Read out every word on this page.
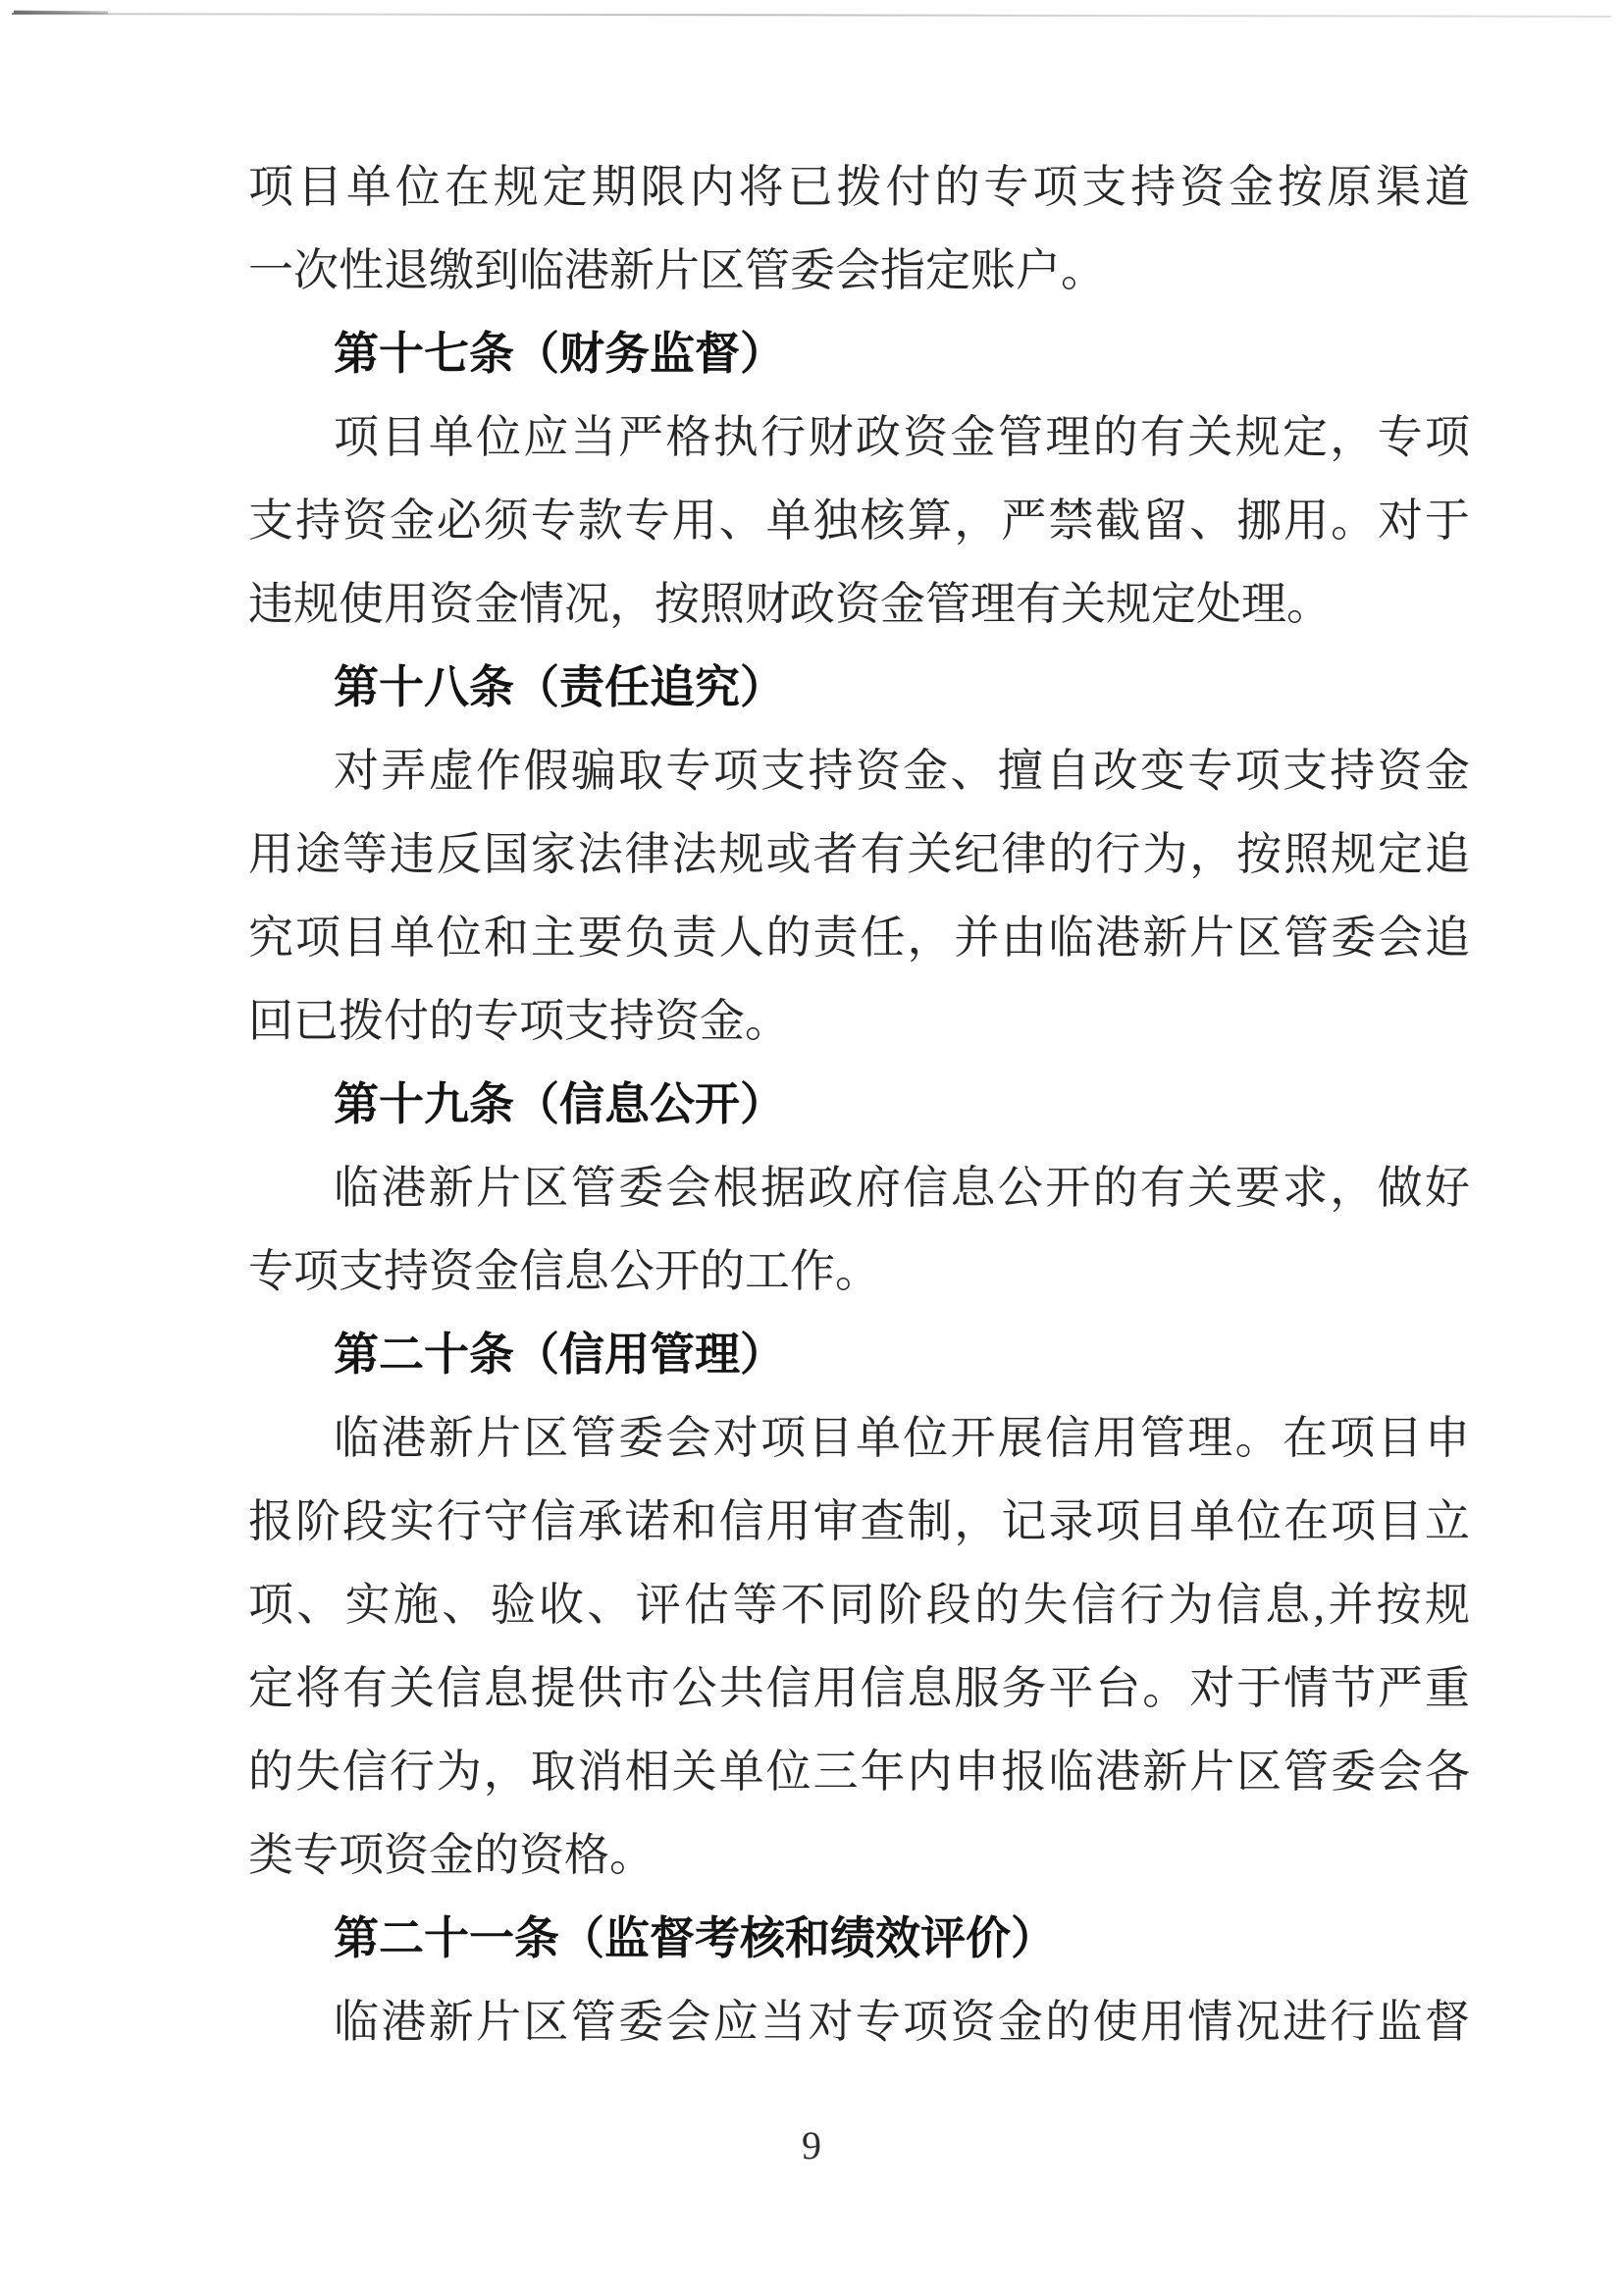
项目单位在规定期限内将已拨付的专项支持资金按原渠道
一次性退缴到临港新片区管委会指定账户。
第十七条（财务监督）
项目单位应当严格执行财政资金管理的有关规定，专项
支持资金必须专款专用、单独核算，严禁截留、挪用。对于
违规使用资金情况，按照财政资金管理有关规定处理。
第十八条（责任追究）
对弄虚作假骗取专项支持资金、擅自改变专项支持资金
用途等违反国家法律法规或者有关纪律的行为，按照规定追
究项目单位和主要负责人的责任，并由临港新片区管委会追
回已拨付的专项支持资金。
第十九条（信息公开）
临港新片区管委会根据政府信息公开的有关要求，做好
专项支持资金信息公开的工作。
第二十条（信用管理）
临港新片区管委会对项目单位开展信用管理。在项目申
报阶段实行守信承诺和信用审查制，记录项目单位在项目立
项、实施、验收、评估等不同阶段的失信行为信息,并按规
定将有关信息提供市公共信用信息服务平台。对于情节严重
的失信行为，取消相关单位三年内申报临港新片区管委会各
类专项资金的资格。
第二十一条（监督考核和绩效评价）
临港新片区管委会应当对专项资金的使用情况进行监督
9
